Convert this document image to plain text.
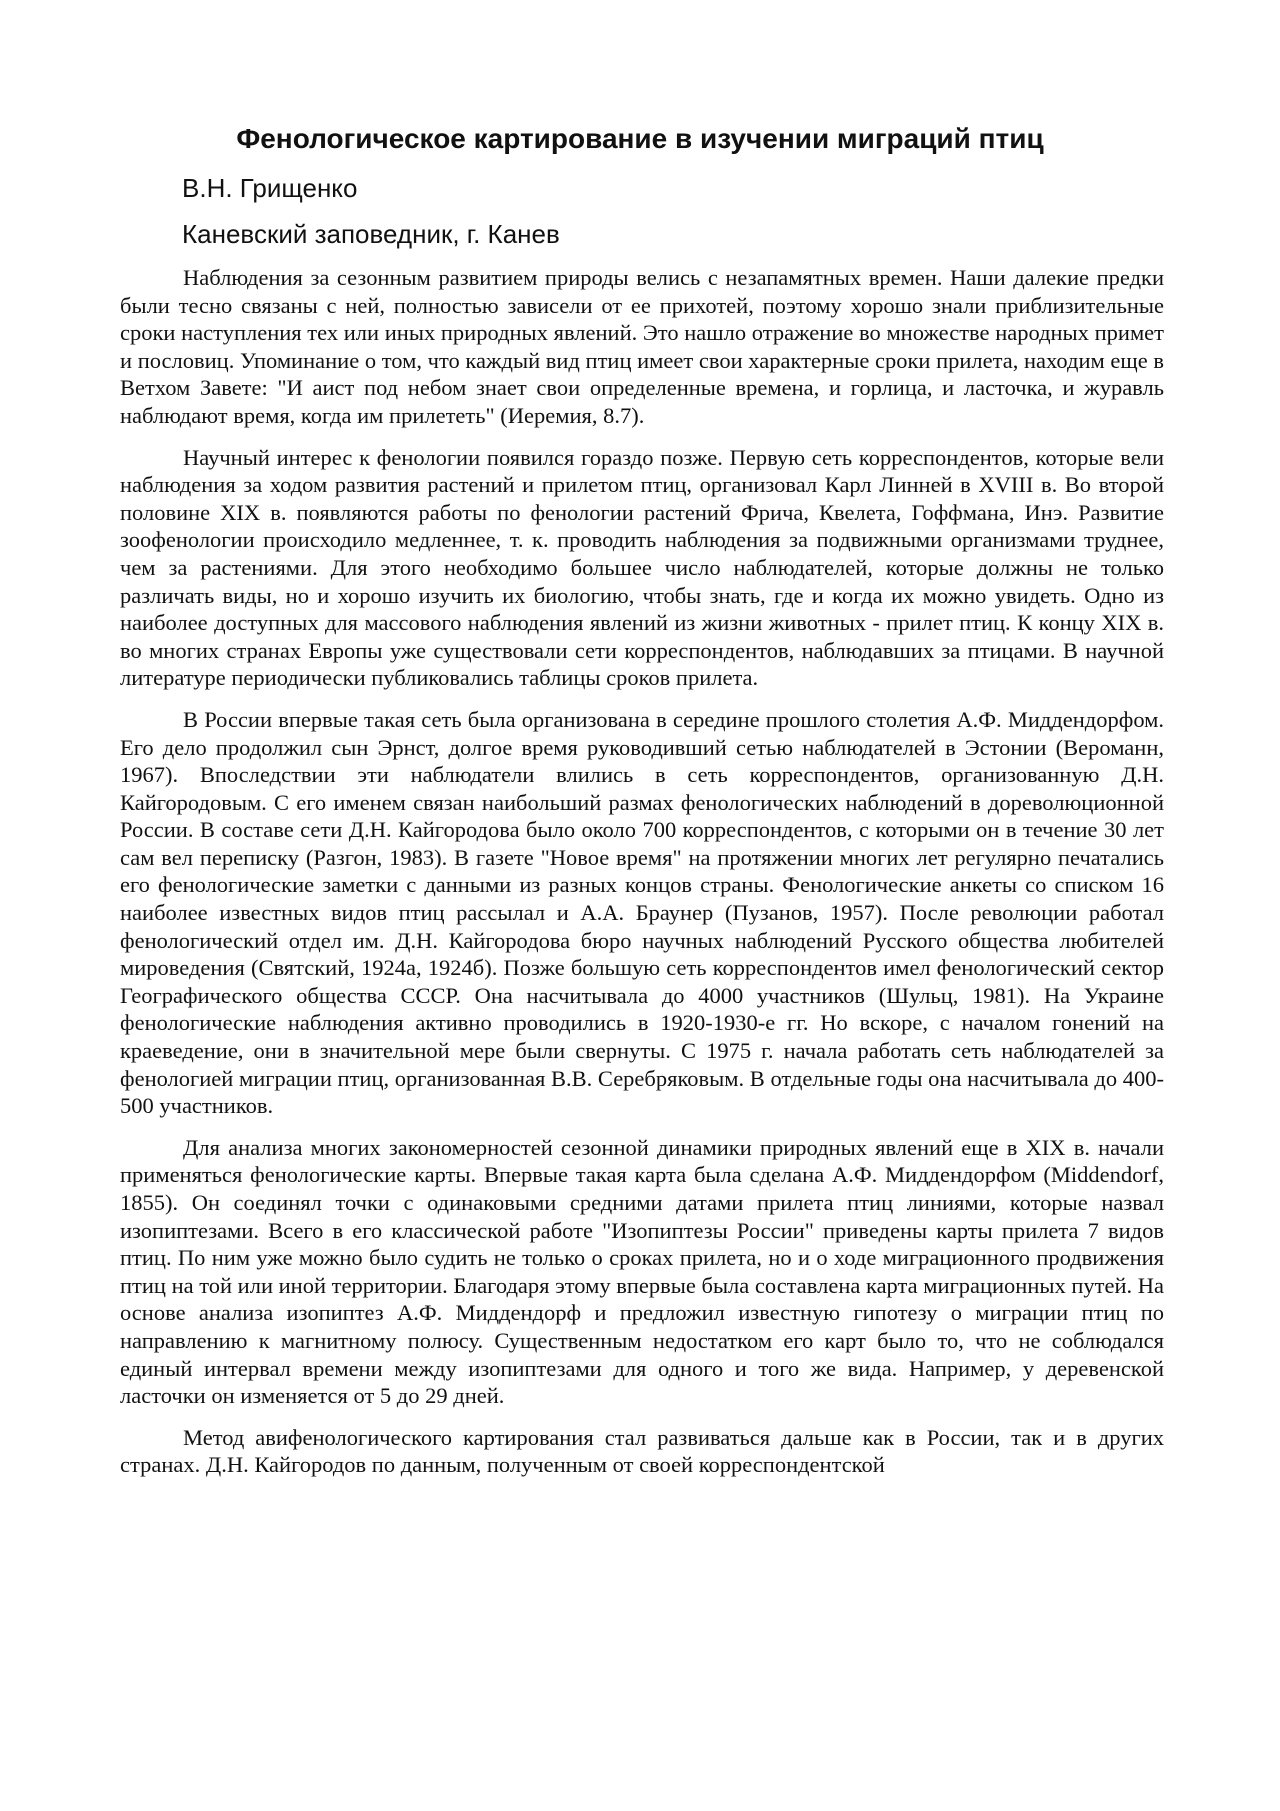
Фенологическое картирование в изучении миграций птиц
В.Н. Грищенко
Каневский заповедник, г. Канев

Наблюдения за сезонным развитием природы велись с незапамятных времен. Наши далекие предки были тесно связаны с ней, полностью зависели от ее прихотей, поэтому хорошо знали приблизительные сроки наступления тех или иных природных явлений. Это нашло отражение во множестве народных примет и пословиц. Упоминание о том, что каждый вид птиц имеет свои характерные сроки прилета, находим еще в Ветхом Завете: "И аист под небом знает свои определенные времена, и горлица, и ласточка, и журавль наблюдают время, когда им прилететь" (Иеремия, 8.7).

Научный интерес к фенологии появился гораздо позже. Первую сеть корреспондентов, которые вели наблюдения за ходом развития растений и прилетом птиц, организовал Карл Линней в XVIII в. Во второй половине XIX в. появляются работы по фенологии растений Фрича, Квелета, Гоффмана, Инэ. Развитие зоофенологии происходило медленнее, т. к. проводить наблюдения за подвижными организмами труднее, чем за растениями. Для этого необходимо большее число наблюдателей, которые должны не только различать виды, но и хорошо изучить их биологию, чтобы знать, где и когда их можно увидеть. Одно из наиболее доступных для массового наблюдения явлений из жизни животных - прилет птиц. К концу XIX в. во многих странах Европы уже существовали сети корреспондентов, наблюдавших за птицами. В научной литературе периодически публиковались таблицы сроков прилета.

В России впервые такая сеть была организована в середине прошлого столетия А.Ф. Миддендорфом. Его дело продолжил сын Эрнст, долгое время руководивший сетью наблюдателей в Эстонии (Вероманн, 1967). Впоследствии эти наблюдатели влились в сеть корреспондентов, организованную Д.Н. Кайгородовым. С его именем связан наибольший размах фенологических наблюдений в дореволюционной России. В составе сети Д.Н. Кайгородова было около 700 корреспондентов, с которыми он в течение 30 лет сам вел переписку (Разгон, 1983). В газете "Новое время" на протяжении многих лет регулярно печатались его фенологические заметки с данными из разных концов страны. Фенологические анкеты со списком 16 наиболее известных видов птиц рассылал и А.А. Браунер (Пузанов, 1957). После революции работал фенологический отдел им. Д.Н. Кайгородова бюро научных наблюдений Русского общества любителей мироведения (Святский, 1924а, 1924б). Позже большую сеть корреспондентов имел фенологический сектор Географического общества СССР. Она насчитывала до 4000 участников (Шульц, 1981). На Украине фенологические наблюдения активно проводились в 1920-1930-е гг. Но вскоре, с началом гонений на краеведение, они в значительной мере были свернуты. С 1975 г. начала работать сеть наблюдателей за фенологией миграции птиц, организованная В.В. Серебряковым. В отдельные годы она насчитывала до 400-500 участников.

Для анализа многих закономерностей сезонной динамики природных явлений еще в XIX в. начали применяться фенологические карты. Впервые такая карта была сделана А.Ф. Миддендорфом (Middendorf, 1855). Он соединял точки с одинаковыми средними датами прилета птиц линиями, которые назвал изопиптезами. Всего в его классической работе "Изопиптезы России" приведены карты прилета 7 видов птиц. По ним уже можно было судить не только о сроках прилета, но и о ходе миграционного продвижения птиц на той или иной территории. Благодаря этому впервые была составлена карта миграционных путей. На основе анализа изопиптез А.Ф. Миддендорф и предложил известную гипотезу о миграции птиц по направлению к магнитному полюсу. Существенным недостатком его карт было то, что не соблюдался единый интервал времени между изопиптезами для одного и того же вида. Например, у деревенской ласточки он изменяется от 5 до 29 дней.

Метод авифенологического картирования стал развиваться дальше как в России, так и в других странах. Д.Н. Кайгородов по данным, полученным от своей корреспондентской
